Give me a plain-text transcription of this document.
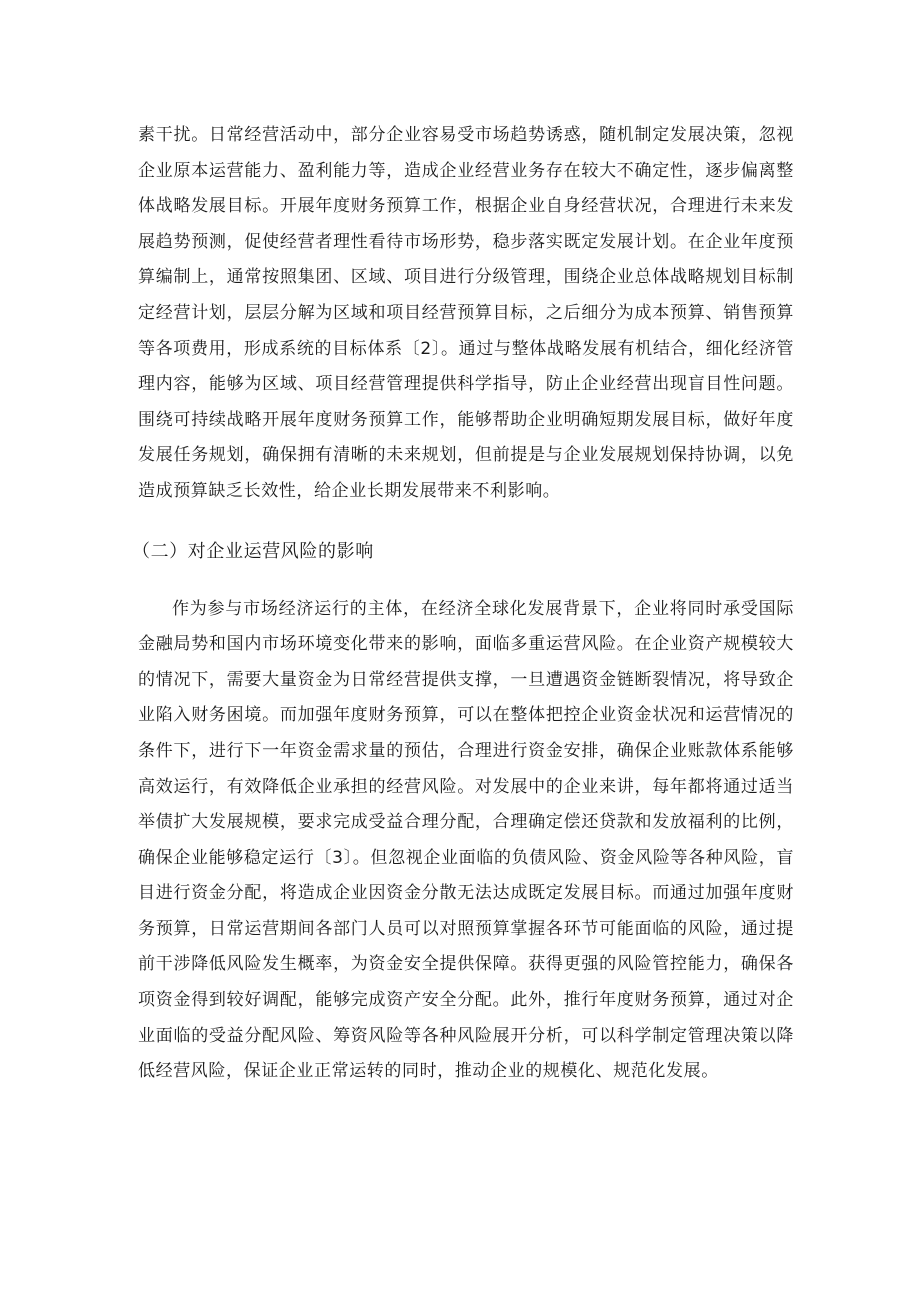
素干扰。日常经营活动中，部分企业容易受市场趋势诱惑，随机制定发展决策，忽视企业原本运营能力、盈利能力等，造成企业经营业务存在较大不确定性，逐步偏离整体战略发展目标。开展年度财务预算工作，根据企业自身经营状况，合理进行未来发展趋势预测，促使经营者理性看待市场形势，稳步落实既定发展计划。在企业年度预算编制上，通常按照集团、区域、项目进行分级管理，围绕企业总体战略规划目标制定经营计划，层层分解为区域和项目经营预算目标，之后细分为成本预算、销售预算等各项费用，形成系统的目标体系〔2〕。通过与整体战略发展有机结合，细化经济管理内容，能够为区域、项目经营管理提供科学指导，防止企业经营出现盲目性问题。围绕可持续战略开展年度财务预算工作，能够帮助企业明确短期发展目标，做好年度发展任务规划，确保拥有清晰的未来规划，但前提是与企业发展规划保持协调，以免造成预算缺乏长效性，给企业长期发展带来不利影响。

（二）对企业运营风险的影响

作为参与市场经济运行的主体，在经济全球化发展背景下，企业将同时承受国际金融局势和国内市场环境变化带来的影响，面临多重运营风险。在企业资产规模较大的情况下，需要大量资金为日常经营提供支撑，一旦遭遇资金链断裂情况，将导致企业陷入财务困境。而加强年度财务预算，可以在整体把控企业资金状况和运营情况的条件下，进行下一年资金需求量的预估，合理进行资金安排，确保企业账款体系能够高效运行，有效降低企业承担的经营风险。对发展中的企业来讲，每年都将通过适当举债扩大发展规模，要求完成受益合理分配，合理确定偿还贷款和发放福利的比例，确保企业能够稳定运行〔3〕。但忽视企业面临的负债风险、资金风险等各种风险，盲目进行资金分配，将造成企业因资金分散无法达成既定发展目标。而通过加强年度财务预算，日常运营期间各部门人员可以对照预算掌握各环节可能面临的风险，通过提前干涉降低风险发生概率，为资金安全提供保障。获得更强的风险管控能力，确保各项资金得到较好调配，能够完成资产安全分配。此外，推行年度财务预算，通过对企业面临的受益分配风险、筹资风险等各种风险展开分析，可以科学制定管理决策以降低经营风险，保证企业正常运转的同时，推动企业的规模化、规范化发展。
